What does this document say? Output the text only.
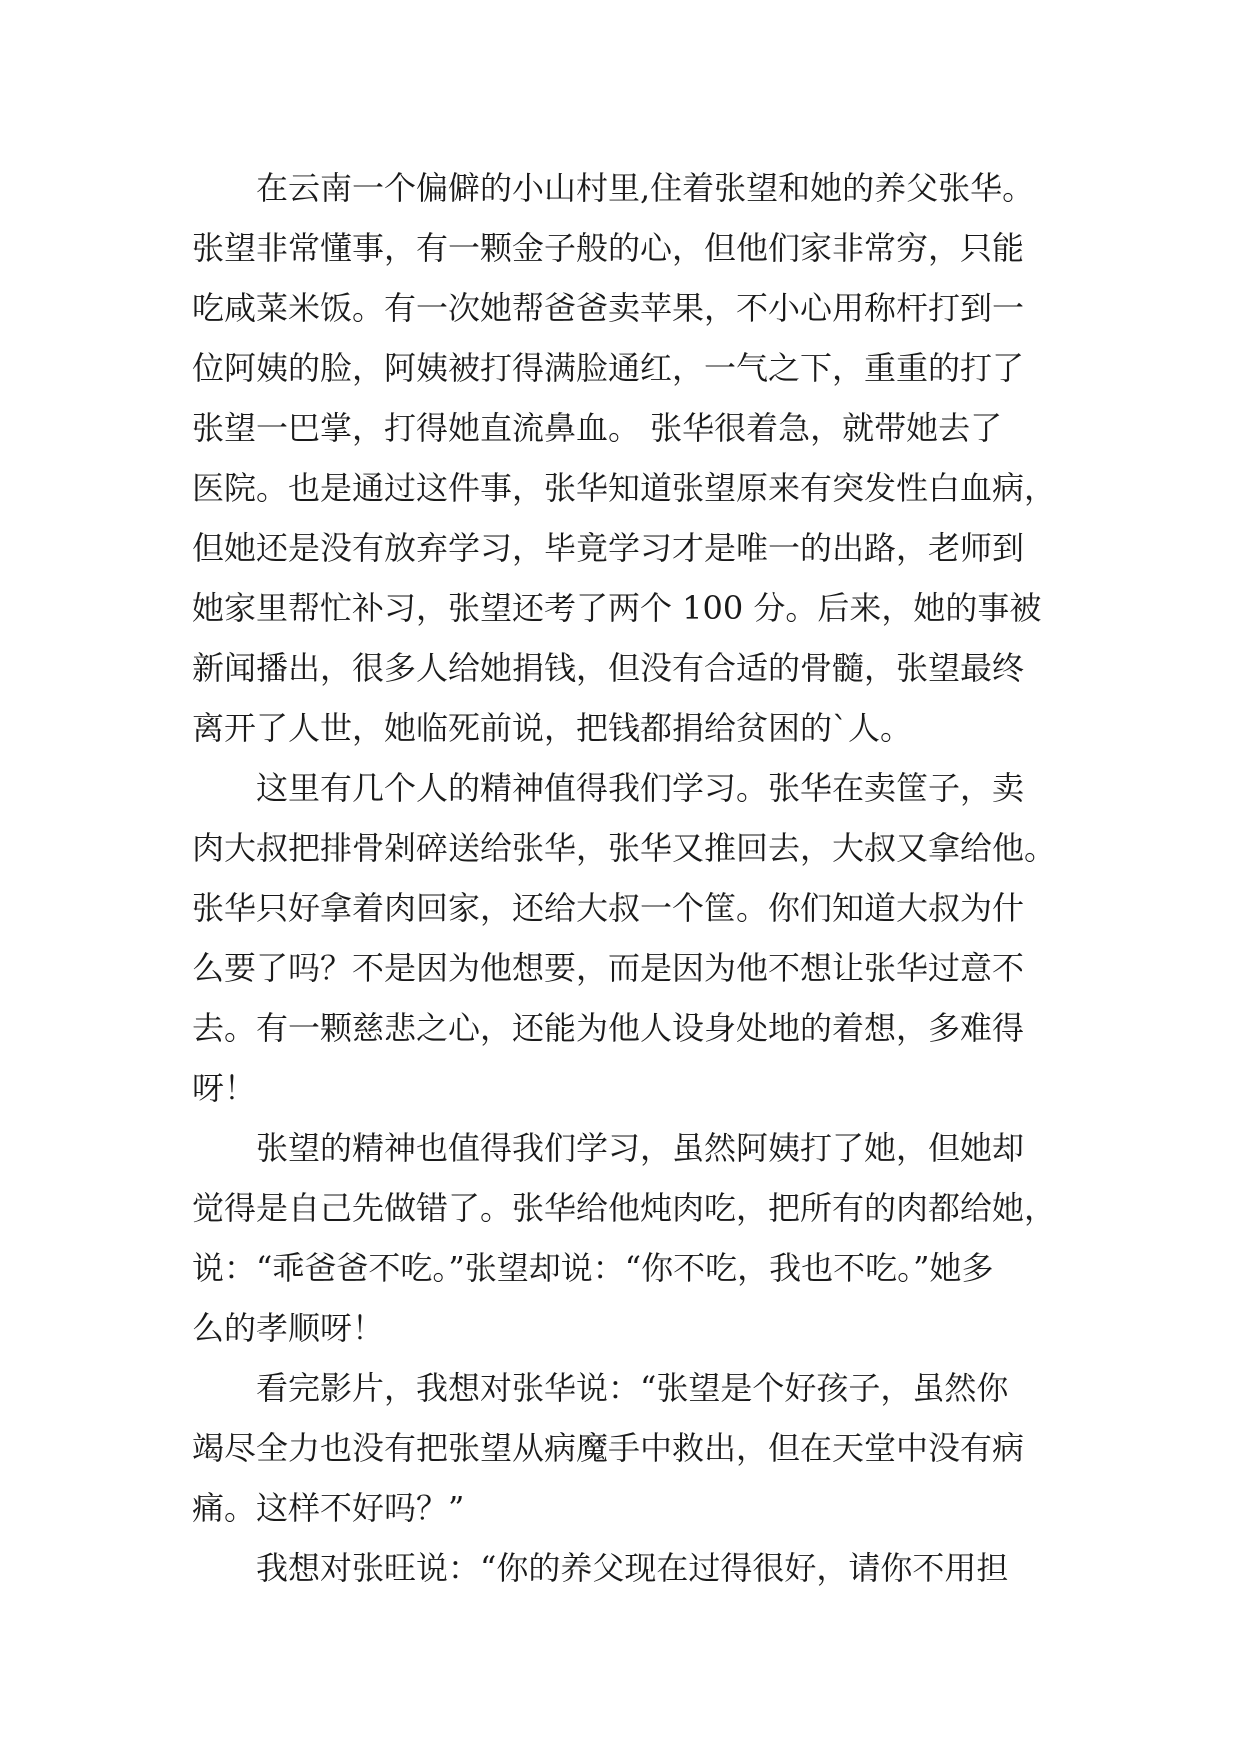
在云南一个偏僻的小山村里,住着张望和她的养父张华。
张望非常懂事，有一颗金子般的心，但他们家非常穷，只能
吃咸菜米饭。有一次她帮爸爸卖苹果，不小心用称杆打到一
位阿姨的脸，阿姨被打得满脸通红，一气之下，重重的打了
张望一巴掌，打得她直流鼻血。 张华很着急，就带她去了
医院。也是通过这件事，张华知道张望原来有突发性白血病，
但她还是没有放弃学习，毕竟学习才是唯一的出路，老师到
她家里帮忙补习，张望还考了两个 100 分。后来，她的事被
新闻播出，很多人给她捐钱，但没有合适的骨髓，张望最终
离开了人世，她临死前说，把钱都捐给贫困的`人。
这里有几个人的精神值得我们学习。张华在卖筐子，卖
肉大叔把排骨剁碎送给张华，张华又推回去，大叔又拿给他。
张华只好拿着肉回家，还给大叔一个筐。你们知道大叔为什
么要了吗？不是因为他想要，而是因为他不想让张华过意不
去。有一颗慈悲之心，还能为他人设身处地的着想，多难得
呀！
张望的精神也值得我们学习，虽然阿姨打了她，但她却
觉得是自己先做错了。张华给他炖肉吃，把所有的肉都给她，
说：“乖爸爸不吃。”张望却说：“你不吃，我也不吃。”她多
么的孝顺呀！
看完影片，我想对张华说：“张望是个好孩子，虽然你
竭尽全力也没有把张望从病魔手中救出，但在天堂中没有病
痛。这样不好吗？”
我想对张旺说：“你的养父现在过得很好，请你不用担
